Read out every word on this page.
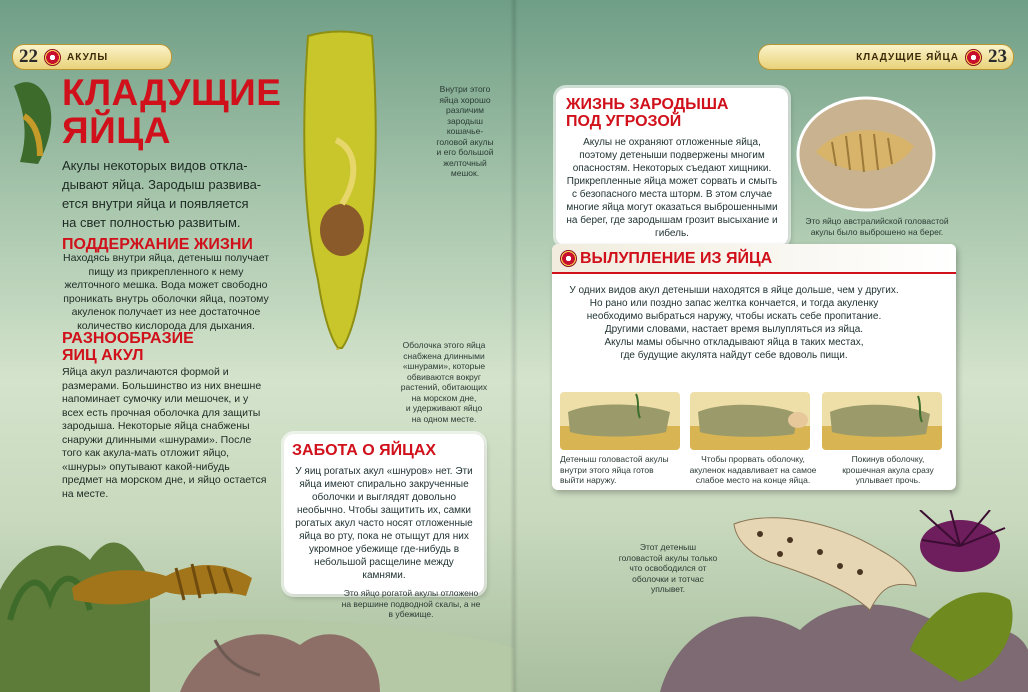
22	АКУЛЫ	КЛАДУЩИЕ ЯЙЦА	23
КЛАДУЩИЕ
ЯЙЦА
Акулы некоторых видов откла-
дывают яйца. Зародыш развива-
ется внутри яйца и появляется
на свет полностью развитым.
ПОДДЕРЖАНИЕ ЖИЗНИ
Находясь внутри яйца, детеныш получает пищу из прикрепленного к нему желточного мешка. Вода может свободно проникать внутрь оболочки яйца, поэтому акуленок получает из нее достаточное количество кислорода для дыхания.
РАЗНООБРАЗИЕ
ЯИЦ АКУЛ
Яйца акул различаются формой и размерами. Большинство из них внешне напоминает сумочку или мешочек, и у всех есть прочная оболочка для защиты зародыша. Некоторые яйца снабжены снаружи длинными «шнурами». После того как акула-мать отложит яйцо, «шнуры» опутывают какой-нибудь предмет на морском дне, и яйцо остается на месте.
Внутри этого
яйца хорошо
различим
зародыш
кошачье-
головой акулы
и его большой
желточный
мешок.
Оболочка этого яйца
снабжена длинными
«шнурами», которые
обвиваются вокруг
растений, обитающих
на морском дне,
и удерживают яйцо
на одном месте.
ЗАБОТА О ЯЙЦАХ
У яиц рогатых акул «шнуров» нет. Эти яйца имеют спирально закрученные оболочки и выглядят довольно необычно. Чтобы защитить их, самки рогатых акул часто носят отложенные яйца во рту, пока не отыщут для них укромное убежище где-нибудь в небольшой расщелине между камнями.
Это яйцо рогатой акулы отложено
на вершине подводной скалы, а не
в убежище.
ЖИЗНЬ ЗАРОДЫША
ПОД УГРОЗОЙ
Акулы не охраняют отложенные яйца, поэтому детеныши подвержены многим опасностям. Некоторых съедают хищники. Прикрепленные яйца может сорвать и смыть с безопасного места шторм. В этом случае многие яйца могут оказаться выброшенными на берег, где зародышам грозит высыхание и гибель.
Это яйцо австралийской головастой
акулы было выброшено на берег.
ВЫЛУПЛЕНИЕ ИЗ ЯЙЦА
У одних видов акул детеныши находятся в яйце дольше, чем у других.
Но рано или поздно запас желтка кончается, и тогда акуленку
необходимо выбраться наружу, чтобы искать себе пропитание.
Другими словами, настает время вылупляться из яйца.
Акулы мамы обычно откладывают яйца в таких местах,
где будущие акулята найдут себе вдоволь пищи.
Детеныш головастой акулы
внутри этого яйца готов
выйти наружу.
Чтобы прорвать оболочку,
акуленок надавливает на самое
слабое место на конце яйца.
Покинув оболочку,
крошечная акула сразу
уплывает прочь.
Этот детеныш
головастой акулы только
что освободился от
оболочки и тотчас
уплывет.
